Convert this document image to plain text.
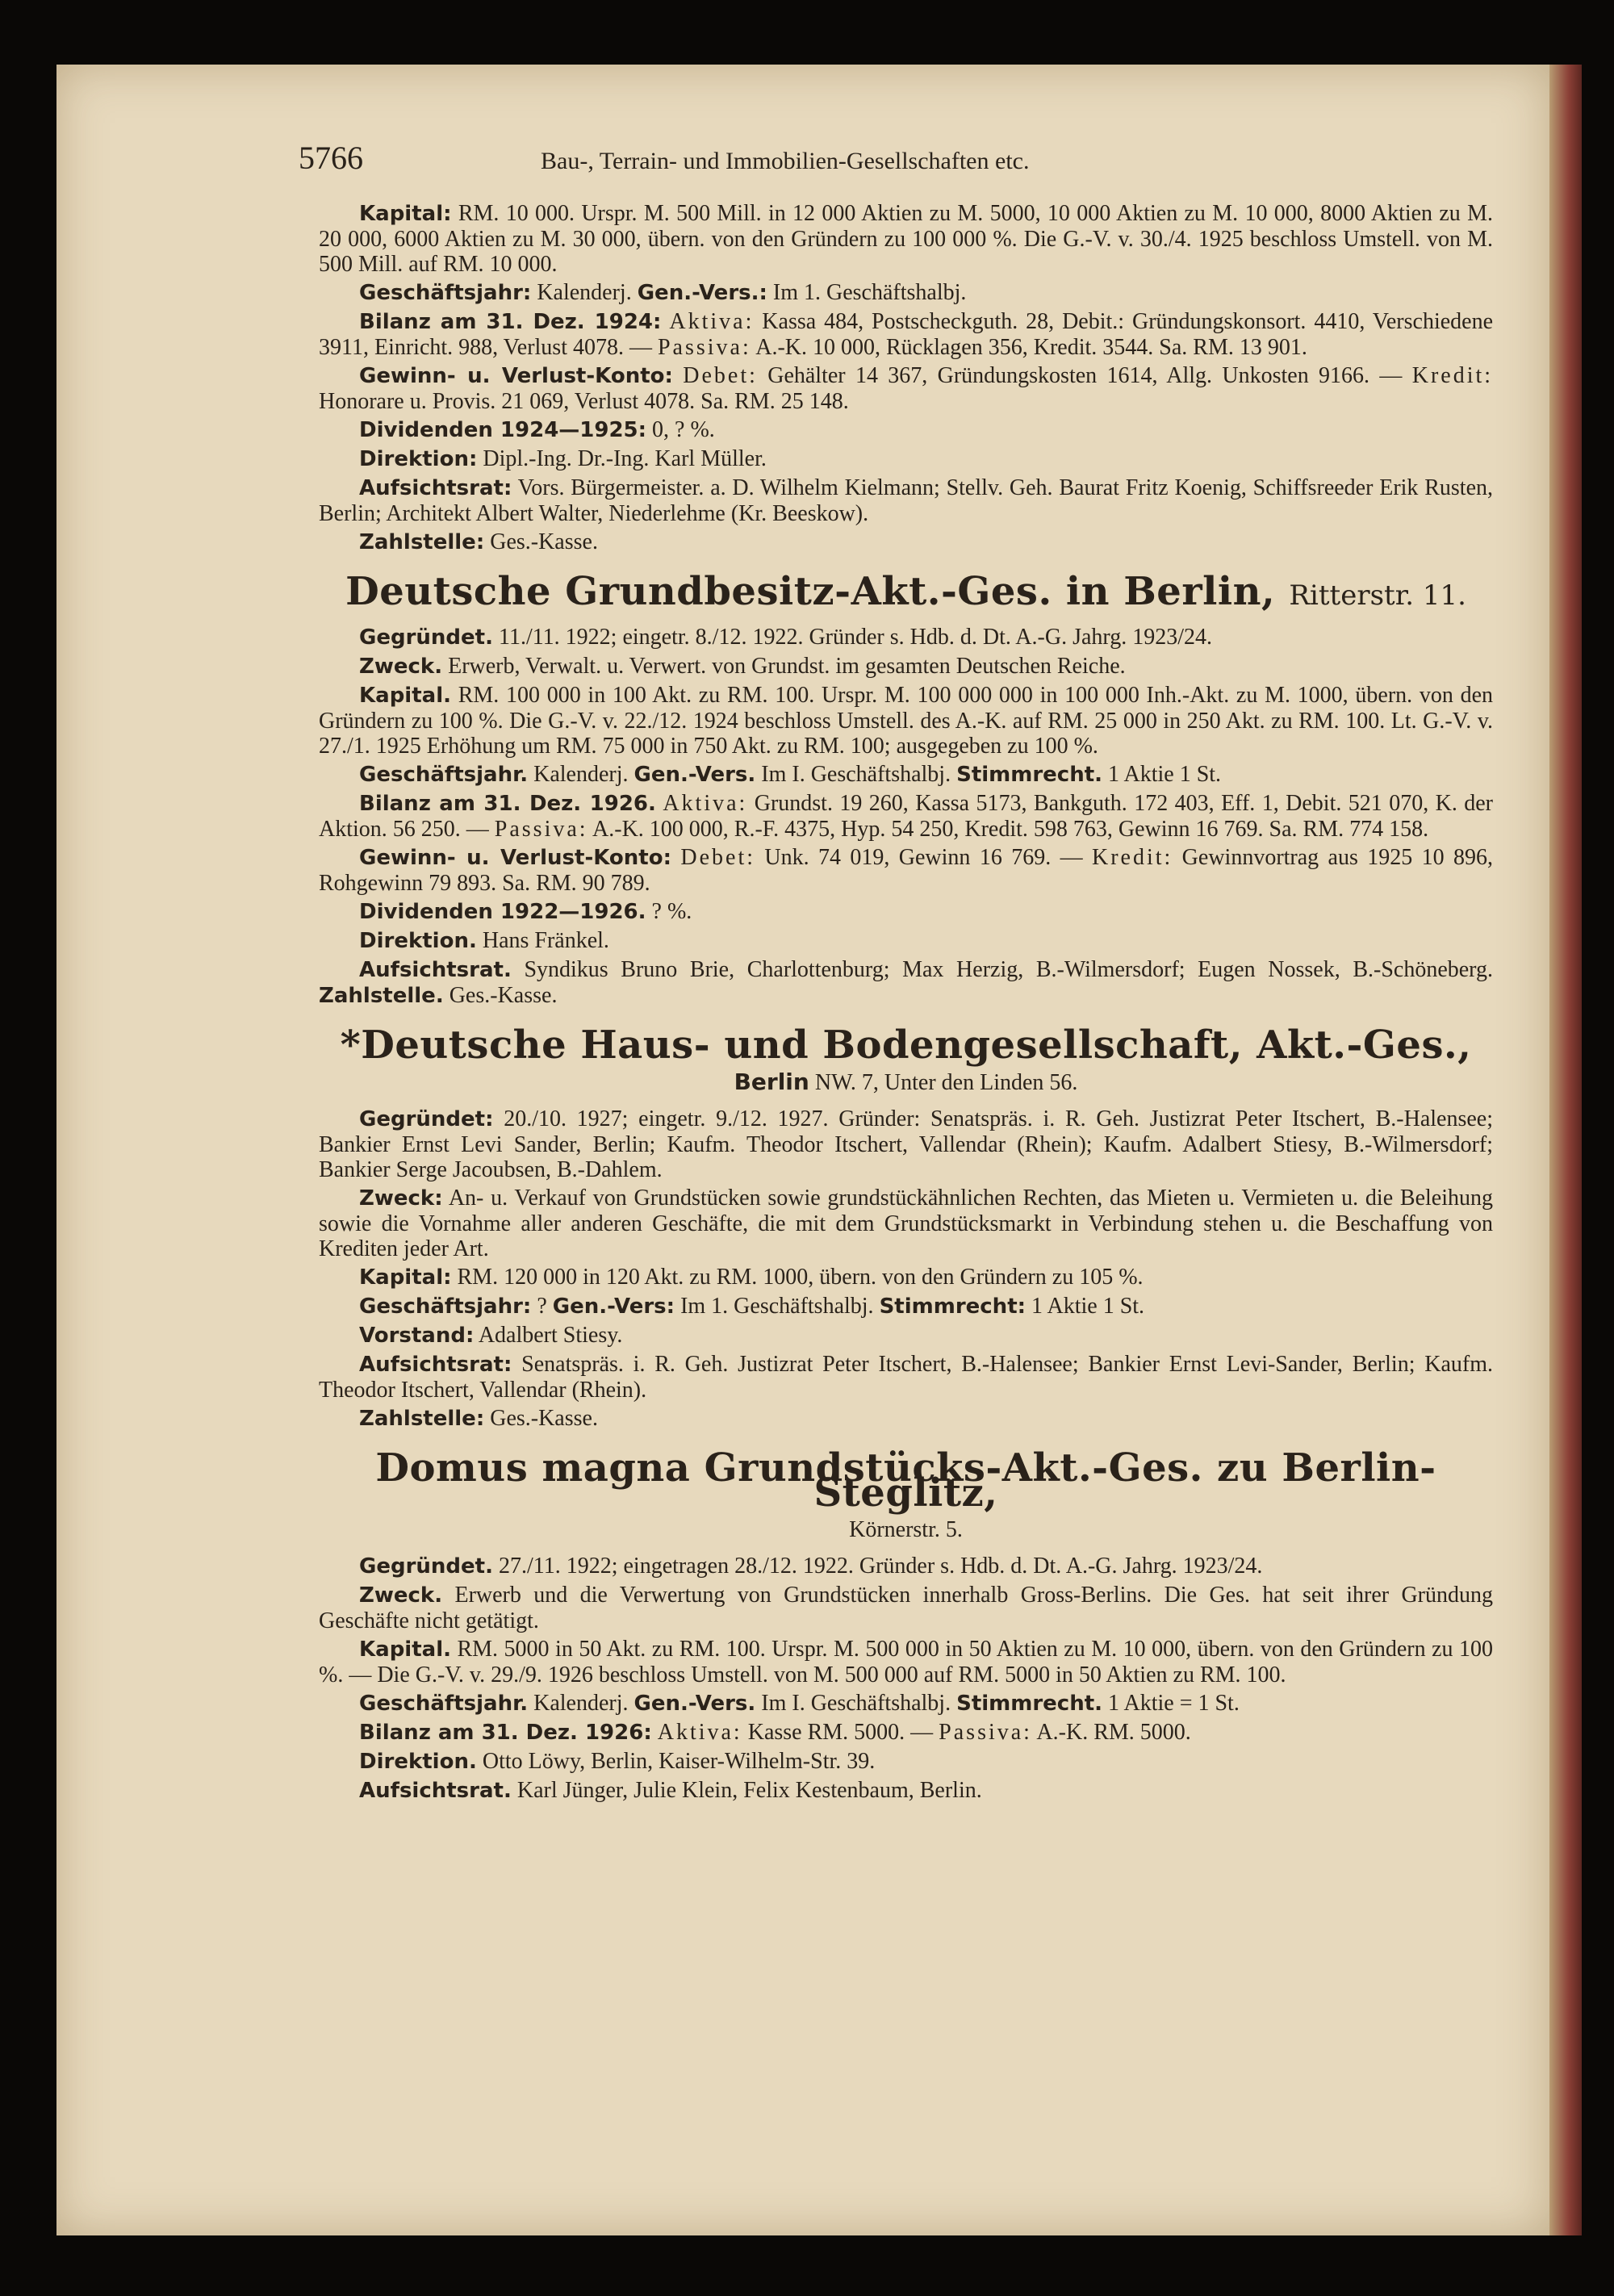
5766	Bau-, Terrain- und Immobilien-Gesellschaften etc.

Kapital: RM. 10 000. Urspr. M. 500 Mill. in 12 000 Aktien zu M. 5000, 10 000 Aktien zu M. 10 000, 8000 Aktien zu M. 20 000, 6000 Aktien zu M. 30 000, übern. von den Gründern zu 100 000 %. Die G.-V. v. 30./4. 1925 beschloss Umstell. von M. 500 Mill. auf RM. 10 000.

Geschäftsjahr: Kalenderj. Gen.-Vers.: Im 1. Geschäftshalbj.

Bilanz am 31. Dez. 1924: Aktiva: Kassa 484, Postscheckguth. 28, Debit.: Gründungskonsort. 4410, Verschiedene 3911, Einricht. 988, Verlust 4078. — Passiva: A.-K. 10 000, Rücklagen 356, Kredit. 3544. Sa. RM. 13 901.

Gewinn- u. Verlust-Konto: Debet: Gehälter 14 367, Gründungskosten 1614, Allg. Unkosten 9166. — Kredit: Honorare u. Provis. 21 069, Verlust 4078. Sa. RM. 25 148.

Dividenden 1924—1925: 0, ? %.

Direktion: Dipl.-Ing. Dr.-Ing. Karl Müller.

Aufsichtsrat: Vors. Bürgermeister. a. D. Wilhelm Kielmann; Stellv. Geh. Baurat Fritz Koenig, Schiffsreeder Erik Rusten, Berlin; Architekt Albert Walter, Niederlehme (Kr. Beeskow).

Zahlstelle: Ges.-Kasse.

Deutsche Grundbesitz-Akt.-Ges. in Berlin, Ritterstr. 11.

Gegründet. 11./11. 1922; eingetr. 8./12. 1922. Gründer s. Hdb. d. Dt. A.-G. Jahrg. 1923/24.

Zweck. Erwerb, Verwalt. u. Verwert. von Grundst. im gesamten Deutschen Reiche.

Kapital. RM. 100 000 in 100 Akt. zu RM. 100. Urspr. M. 100 000 000 in 100 000 Inh.-Akt. zu M. 1000, übern. von den Gründern zu 100 %. Die G.-V. v. 22./12. 1924 beschloss Umstell. des A.-K. auf RM. 25 000 in 250 Akt. zu RM. 100. Lt. G.-V. v. 27./1. 1925 Erhöhung um RM. 75 000 in 750 Akt. zu RM. 100; ausgegeben zu 100 %.

Geschäftsjahr. Kalenderj. Gen.-Vers. Im I. Geschäftshalbj. Stimmrecht. 1 Aktie 1 St.

Bilanz am 31. Dez. 1926. Aktiva: Grundst. 19 260, Kassa 5173, Bankguth. 172 403, Eff. 1, Debit. 521 070, K. der Aktion. 56 250. — Passiva: A.-K. 100 000, R.-F. 4375, Hyp. 54 250, Kredit. 598 763, Gewinn 16 769. Sa. RM. 774 158.

Gewinn- u. Verlust-Konto: Debet: Unk. 74 019, Gewinn 16 769. — Kredit: Gewinnvortrag aus 1925 10 896, Rohgewinn 79 893. Sa. RM. 90 789.

Dividenden 1922—1926. ? %.

Direktion. Hans Fränkel.

Aufsichtsrat. Syndikus Bruno Brie, Charlottenburg; Max Herzig, B.-Wilmersdorf; Eugen Nossek, B.-Schöneberg. Zahlstelle. Ges.-Kasse.

*Deutsche Haus- und Bodengesellschaft, Akt.-Ges.,
Berlin NW. 7, Unter den Linden 56.

Gegründet: 20./10. 1927; eingetr. 9./12. 1927. Gründer: Senatspräs. i. R. Geh. Justizrat Peter Itschert, B.-Halensee; Bankier Ernst Levi Sander, Berlin; Kaufm. Theodor Itschert, Vallendar (Rhein); Kaufm. Adalbert Stiesy, B.-Wilmersdorf; Bankier Serge Jacoubsen, B.-Dahlem.

Zweck: An- u. Verkauf von Grundstücken sowie grundstückähnlichen Rechten, das Mieten u. Vermieten u. die Beleihung sowie die Vornahme aller anderen Geschäfte, die mit dem Grundstücksmarkt in Verbindung stehen u. die Beschaffung von Krediten jeder Art.

Kapital: RM. 120 000 in 120 Akt. zu RM. 1000, übern. von den Gründern zu 105 %.

Geschäftsjahr: ? Gen.-Vers: Im 1. Geschäftshalbj. Stimmrecht: 1 Aktie 1 St.

Vorstand: Adalbert Stiesy.

Aufsichtsrat: Senatspräs. i. R. Geh. Justizrat Peter Itschert, B.-Halensee; Bankier Ernst Levi-Sander, Berlin; Kaufm. Theodor Itschert, Vallendar (Rhein).

Zahlstelle: Ges.-Kasse.

Domus magna Grundstücks-Akt.-Ges. zu Berlin-Steglitz,
Körnerstr. 5.

Gegründet. 27./11. 1922; eingetragen 28./12. 1922. Gründer s. Hdb. d. Dt. A.-G. Jahrg. 1923/24.

Zweck. Erwerb und die Verwertung von Grundstücken innerhalb Gross-Berlins. Die Ges. hat seit ihrer Gründung Geschäfte nicht getätigt.

Kapital. RM. 5000 in 50 Akt. zu RM. 100. Urspr. M. 500 000 in 50 Aktien zu M. 10 000, übern. von den Gründern zu 100 %. — Die G.-V. v. 29./9. 1926 beschloss Umstell. von M. 500 000 auf RM. 5000 in 50 Aktien zu RM. 100.

Geschäftsjahr. Kalenderj. Gen.-Vers. Im I. Geschäftshalbj. Stimmrecht. 1 Aktie = 1 St.

Bilanz am 31. Dez. 1926: Aktiva: Kasse RM. 5000. — Passiva: A.-K. RM. 5000.

Direktion. Otto Löwy, Berlin, Kaiser-Wilhelm-Str. 39.

Aufsichtsrat. Karl Jünger, Julie Klein, Felix Kestenbaum, Berlin.
